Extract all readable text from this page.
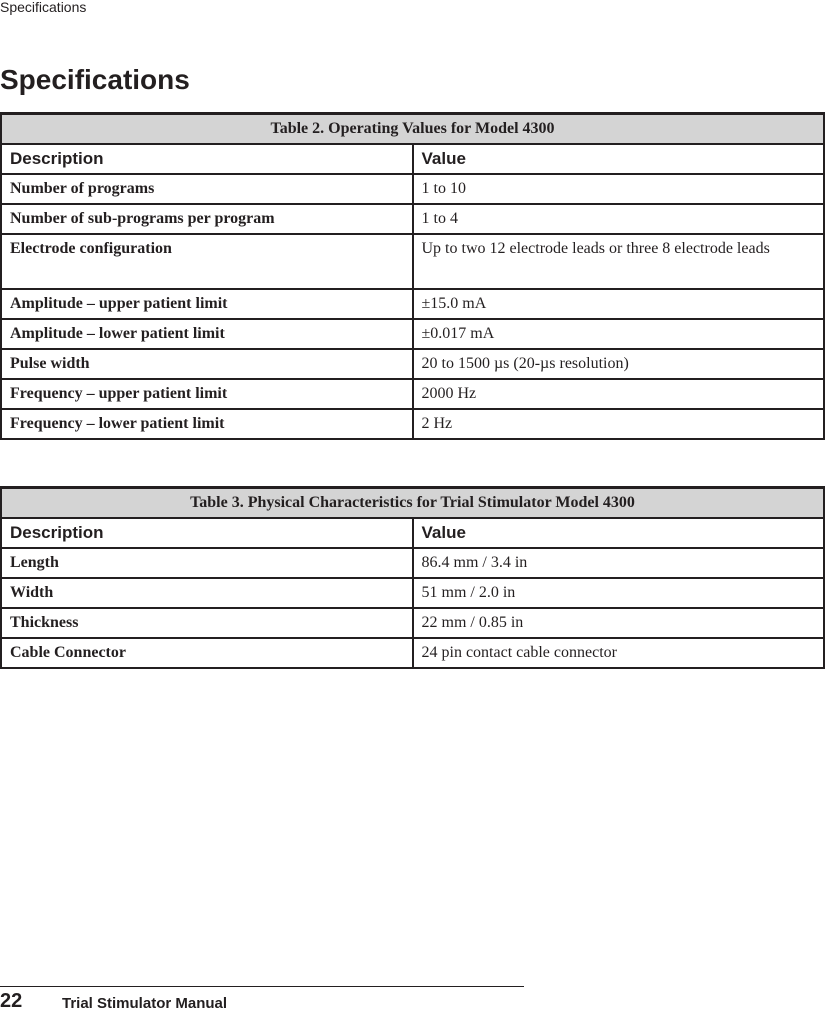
Specifications
Specifications
Table 2. Operating Values for Model 4300	
Description	Value
Number of programs	1 to 10
Number of sub-programs per program	1 to 4
Electrode configuration	Up to two 12 electrode leads or three 8 electrode leads
Amplitude – upper patient limit	±15.0 mA
Amplitude – lower patient limit	±0.017 mA
Pulse width	20 to 1500 µs (20-µs resolution)
Frequency – upper patient limit	2000 Hz
Frequency – lower patient limit	2 Hz
Table 3. Physical Characteristics for Trial Stimulator Model 4300	
Description	Value
Length	86.4 mm / 3.4 in
Width	51 mm / 2.0 in
Thickness	22 mm / 0.85 in
Cable Connector	24 pin contact cable connector
22	Trial Stimulator Manual
